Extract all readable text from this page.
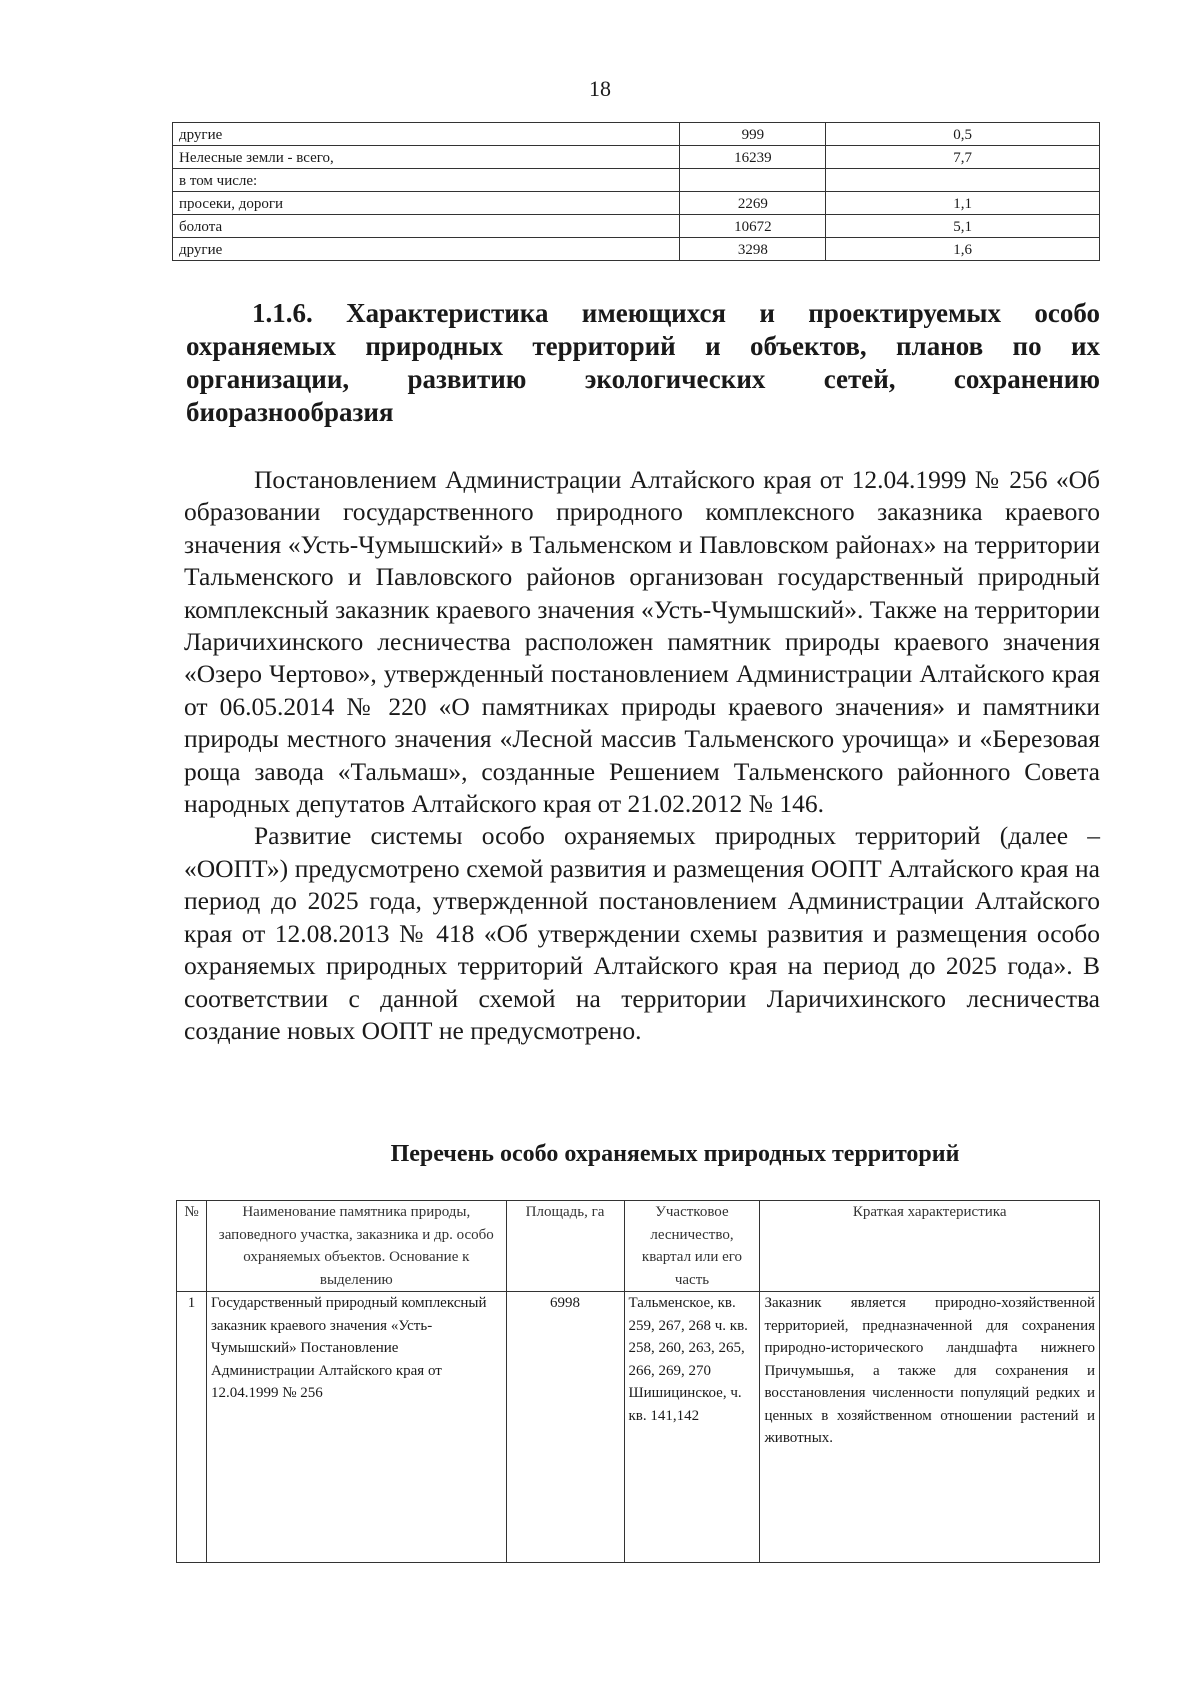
18
другие	999	0,5
Нелесные земли - всего,	16239	7,7
в том числе:		
просеки, дороги	2269	1,1
болота	10672	5,1
другие	3298	1,6
1.1.6. Характеристика имеющихся и проектируемых особо охраняемых природных территорий и объектов, планов по их организации, развитию экологических сетей, сохранению биоразнообразия

Постановлением Администрации Алтайского края от 12.04.1999 № 256 «Об образовании государственного природного комплексного заказника краевого значения «Усть-Чумышский» в Тальменском и Павловском районах» на территории Тальменского и Павловского районов организован государственный природный комплексный заказник краевого значения «Усть-Чумышский». Также на территории Ларичихинского лесничества расположен памятник природы краевого значения «Озеро Чертово», утвержденный постановлением Администрации Алтайского края от 06.05.2014 № 220 «О памятниках природы краевого значения» и памятники природы местного значения «Лесной массив Тальменского урочища» и «Березовая роща завода «Тальмаш», созданные Решением Тальменского районного Совета народных депутатов Алтайского края от 21.02.2012 № 146.

Развитие системы особо охраняемых природных территорий (далее – «ООПТ») предусмотрено схемой развития и размещения ООПТ Алтайского края на период до 2025 года, утвержденной постановлением Администрации Алтайского края от 12.08.2013 № 418 «Об утверждении схемы развития и размещения особо охраняемых природных территорий Алтайского края на период до 2025 года». В соответствии с данной схемой на территории Ларичихинского лесничества создание новых ООПТ не предусмотрено.

Перечень особо охраняемых природных территорий
№	Наименование памятника природы, заповедного участка, заказника и др. особо охраняемых объектов. Основание к выделению	Площадь, га	Участковое лесничество, квартал или его часть	Краткая характеристика
1	Государственный природный комплексный заказник краевого значения «Усть-Чумышский» Постановление Администрации Алтайского края от 12.04.1999 № 256	6998	Тальменское, кв. 259, 267, 268 ч. кв. 258, 260, 263, 265, 266, 269, 270 Шишицинское, ч. кв. 141,142	Заказник является природно-хозяйственной территорией, предназначенной для сохранения природно-исторического ландшафта нижнего Причумышья, а также для сохранения и восстановления численности популяций редких и ценных в хозяйственном отношении растений и животных.
